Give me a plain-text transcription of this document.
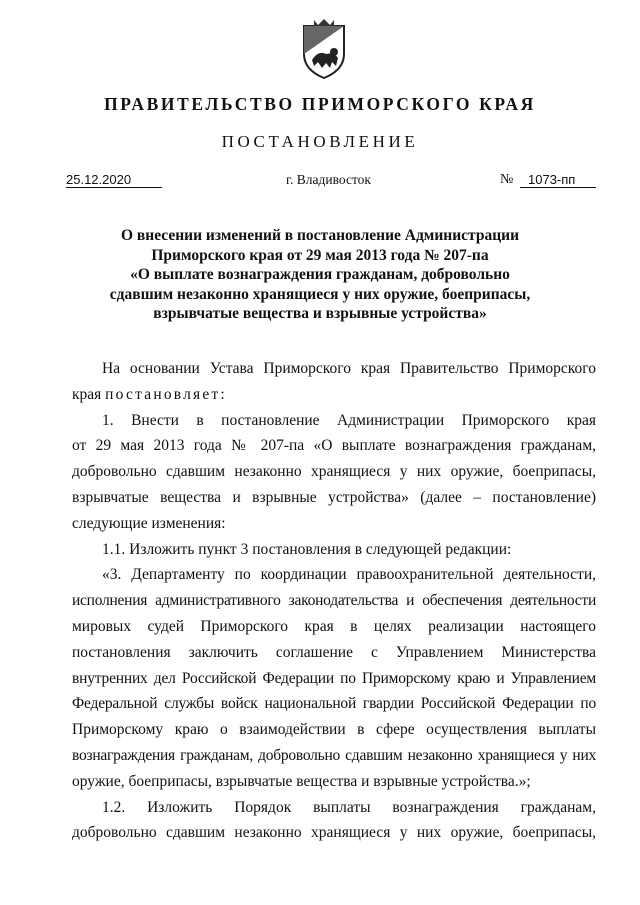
ПРАВИТЕЛЬСТВО ПРИМОРСКОГО КРАЯ
ПОСТАНОВЛЕНИЕ
25.12.2020	г. Владивосток	№	1073-пп
О внесении изменений в постановление Администрации
Приморского края от 29 мая 2013 года № 207-па
«О выплате вознаграждения гражданам, добровольно
сдавшим незаконно хранящиеся у них оружие, боеприпасы,
взрывчатые вещества и взрывные устройства»
На основании Устава Приморского края Правительство Приморского
края постановляет:
1. Внести в постановление Администрации Приморского края
от 29 мая 2013 года № 207-па «О выплате вознаграждения гражданам,
добровольно сдавшим незаконно хранящиеся у них оружие, боеприпасы,
взрывчатые вещества и взрывные устройства» (далее – постановление)
следующие изменения:
1.1. Изложить пункт 3 постановления в следующей редакции:
«3. Департаменту по координации правоохранительной деятельности,
исполнения административного законодательства и обеспечения деятельности
мировых судей Приморского края в целях реализации настоящего
постановления заключить соглашение с Управлением Министерства
внутренних дел Российской Федерации по Приморскому краю и Управлением
Федеральной службы войск национальной гвардии Российской Федерации по
Приморскому краю о взаимодействии в сфере осуществления выплаты
вознаграждения гражданам, добровольно сдавшим незаконно хранящиеся у них
оружие, боеприпасы, взрывчатые вещества и взрывные устройства.»;
1.2. Изложить Порядок выплаты вознаграждения гражданам,
добровольно сдавшим незаконно хранящиеся у них оружие, боеприпасы,
